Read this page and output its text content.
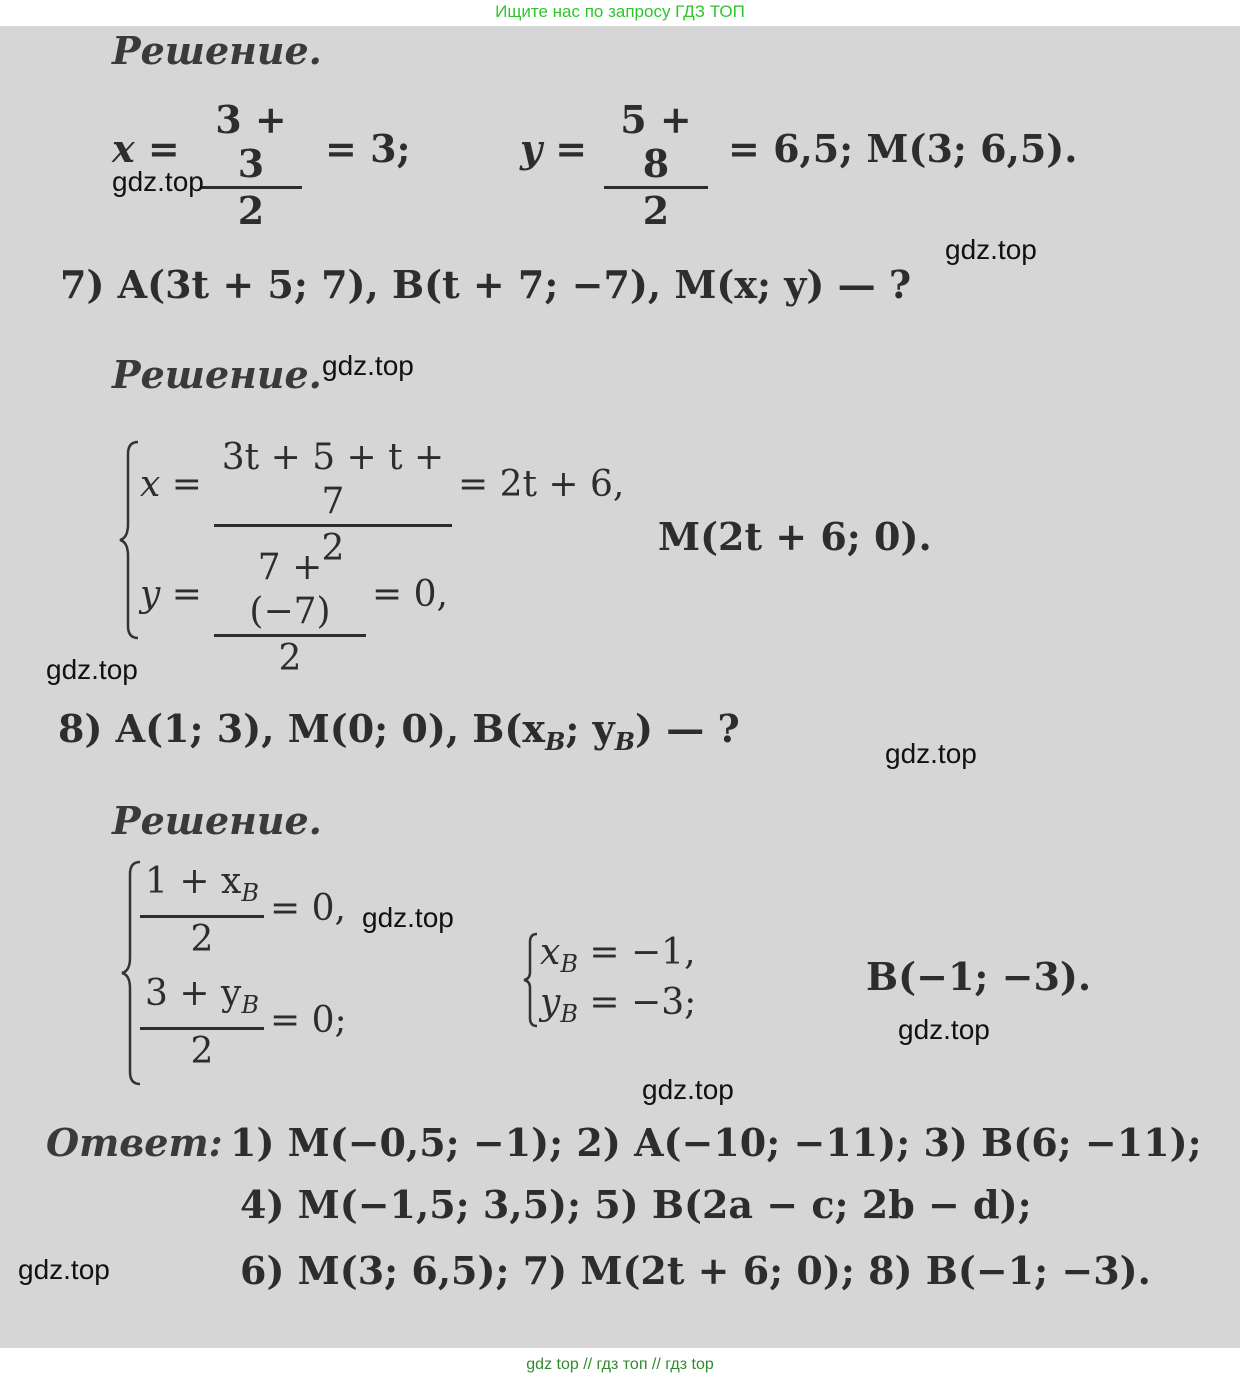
Ищите нас по запросу ГДЗ ТОП
Решение.
$x = \frac{3 + 3}{2} = 3$;	$y = \frac{5 + 8}{2} = 6,5$; M(3; 6,5).
gdz.top
gdz.top
7) A(3t + 5; 7), B(t + 7; −7), M(x; y) — ?
Решение. gdz.top
$x = \frac{3t + 5 + t + 7}{2} = 2t + 6$,
$y = \frac{7 + (-7)}{2} = 0$,
M(2t + 6; 0).
gdz.top
8) A(1; 3), M(0; 0), $B(x_B$; $y_B$) — ?
gdz.top
Решение.
$\frac{1 + x_B}{2} = 0$,
$\frac{3 + y_B}{2} = 0$;
gdz.top
$x_B = -1$,
$y_B = -3$;
B(−1; −3).
gdz.top
gdz.top
Ответ: 1) M(−0,5; −1); 2) A(−10; −11); 3) B(6; −11);
4) M(−1,5; 3,5); 5) B(2a − c; 2b − d);
6) M(3; 6,5); 7) M(2t + 6; 0); 8) B(−1; −3).
gdz.top
gdz top // гдз топ // гдз top
